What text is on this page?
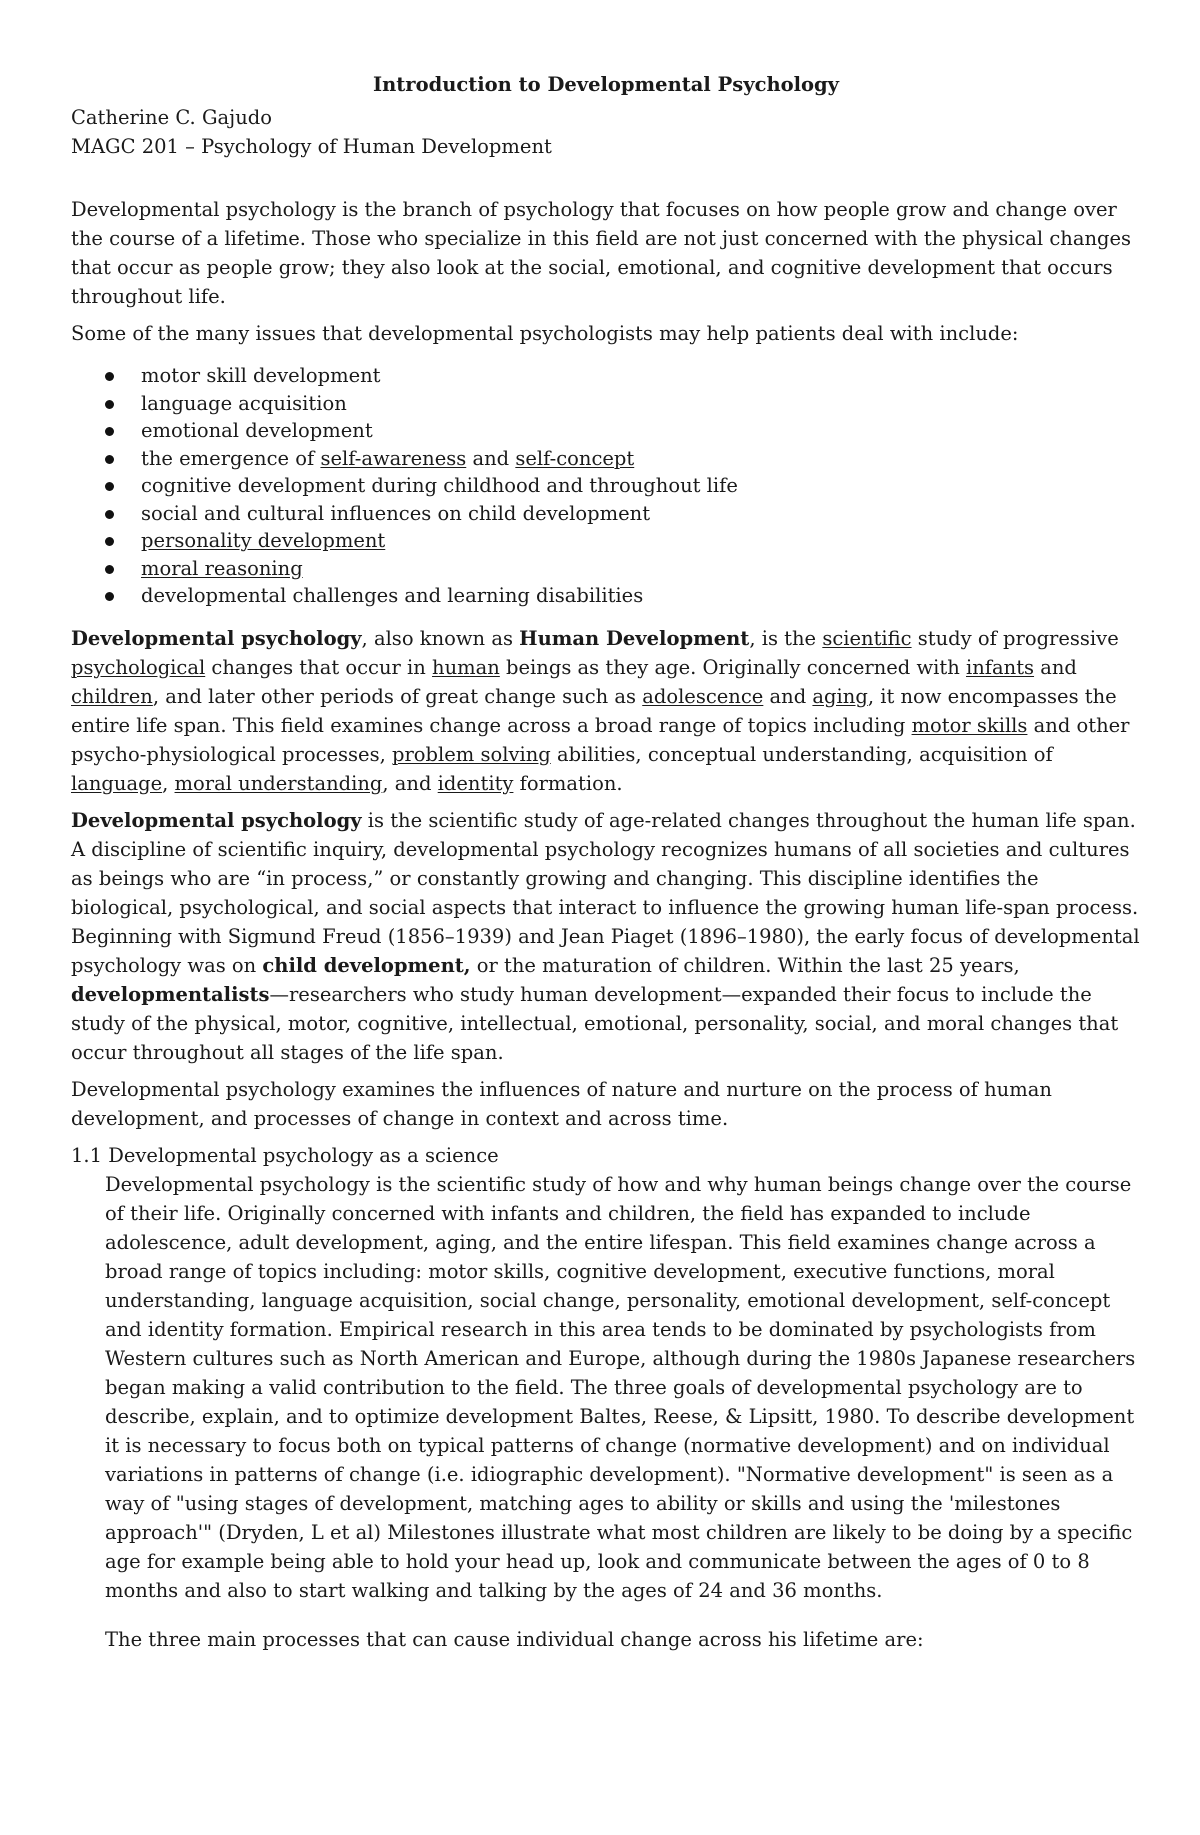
Introduction to Developmental Psychology

Catherine C. Gajudo

MAGC 201 – Psychology of Human Development

Developmental psychology is the branch of psychology that focuses on how people grow and change over the course of a lifetime. Those who specialize in this field are not just concerned with the physical changes that occur as people grow; they also look at the social, emotional, and cognitive development that occurs throughout life.

Some of the many issues that developmental psychologists may help patients deal with include:

motor skill development
language acquisition
emotional development
the emergence of self-awareness and self-concept
cognitive development during childhood and throughout life
social and cultural influences on child development
personality development
moral reasoning
developmental challenges and learning disabilities

Developmental psychology, also known as Human Development, is the scientific study of progressive psychological changes that occur in human beings as they age. Originally concerned with infants and children, and later other periods of great change such as adolescence and aging, it now encompasses the entire life span. This field examines change across a broad range of topics including motor skills and other psycho-physiological processes, problem solving abilities, conceptual understanding, acquisition of language, moral understanding, and identity formation.

Developmental psychology is the scientific study of age-related changes throughout the human life span. A discipline of scientific inquiry, developmental psychology recognizes humans of all societies and cultures as beings who are “in process,” or constantly growing and changing. This discipline identifies the biological, psychological, and social aspects that interact to influence the growing human life-span process. Beginning with Sigmund Freud (1856–1939) and Jean Piaget (1896–1980), the early focus of developmental psychology was on child development, or the maturation of children. Within the last 25 years, developmentalists—researchers who study human development—expanded their focus to include the study of the physical, motor, cognitive, intellectual, emotional, personality, social, and moral changes that occur throughout all stages of the life span.

Developmental psychology examines the influences of nature and nurture on the process of human development, and processes of change in context and across time.

1.1 Developmental psychology as a science

Developmental psychology is the scientific study of how and why human beings change over the course of their life. Originally concerned with infants and children, the field has expanded to include adolescence, adult development, aging, and the entire lifespan. This field examines change across a broad range of topics including: motor skills, cognitive development, executive functions, moral understanding, language acquisition, social change, personality, emotional development, self-concept and identity formation. Empirical research in this area tends to be dominated by psychologists from Western cultures such as North American and Europe, although during the 1980s Japanese researchers began making a valid contribution to the field. The three goals of developmental psychology are to describe, explain, and to optimize development Baltes, Reese, & Lipsitt, 1980. To describe development it is necessary to focus both on typical patterns of change (normative development) and on individual variations in patterns of change (i.e. idiographic development). "Normative development" is seen as a way of "using stages of development, matching ages to ability or skills and using the 'milestones approach'" (Dryden, L et al) Milestones illustrate what most children are likely to be doing by a specific age for example being able to hold your head up, look and communicate between the ages of 0 to 8 months and also to start walking and talking by the ages of 24 and 36 months.

The three main processes that can cause individual change across his lifetime are:
